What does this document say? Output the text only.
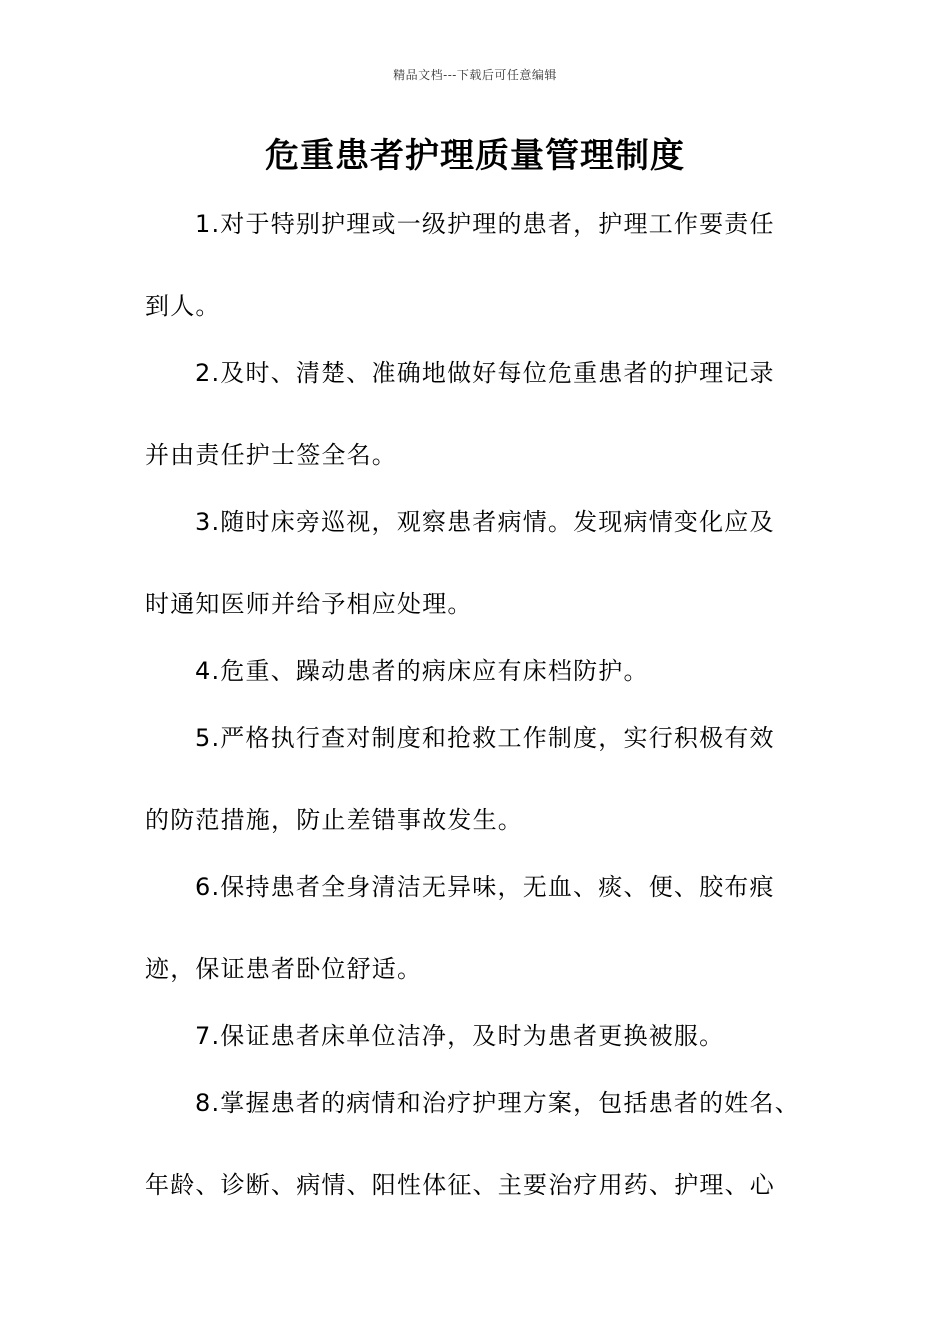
精品文档---下载后可任意编辑
危重患者护理质量管理制度
1.对于特别护理或一级护理的患者，护理工作要责任
到人。
2.及时、清楚、准确地做好每位危重患者的护理记录
并由责任护士签全名。
3.随时床旁巡视，观察患者病情。发现病情变化应及
时通知医师并给予相应处理。
4.危重、躁动患者的病床应有床档防护。
5.严格执行查对制度和抢救工作制度，实行积极有效
的防范措施，防止差错事故发生。
6.保持患者全身清洁无异味，无血、痰、便、胶布痕
迹，保证患者卧位舒适。
7.保证患者床单位洁净，及时为患者更换被服。
8.掌握患者的病情和治疗护理方案，包括患者的姓名、
年龄、诊断、病情、阳性体征、主要治疗用药、护理、心
